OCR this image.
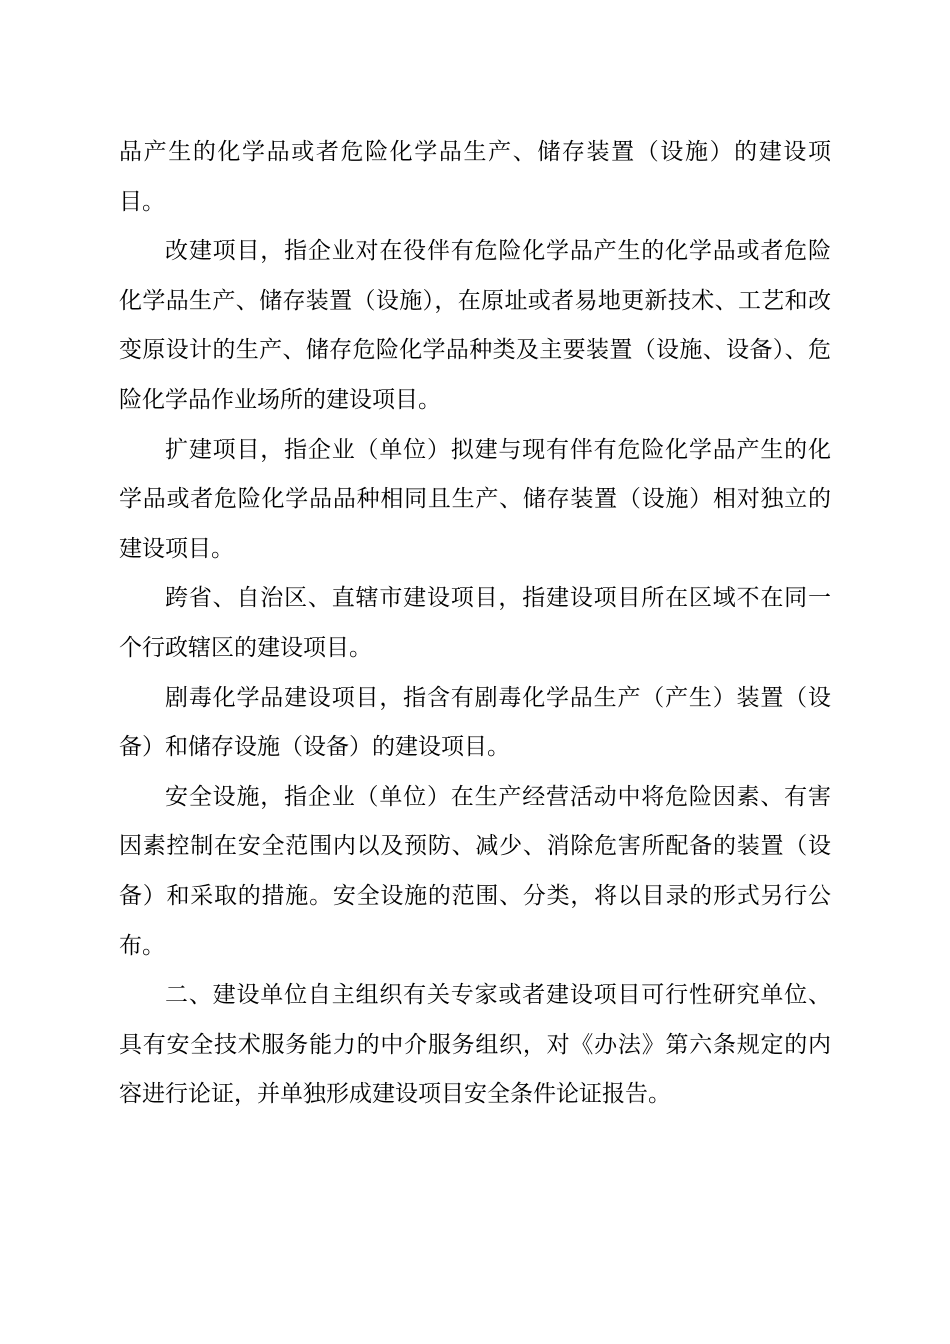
品产生的化学品或者危险化学品生产、储存装置（设施）的建设项目。

改建项目，指企业对在役伴有危险化学品产生的化学品或者危险化学品生产、储存装置（设施），在原址或者易地更新技术、工艺和改变原设计的生产、储存危险化学品种类及主要装置（设施、设备）、危险化学品作业场所的建设项目。

扩建项目，指企业（单位）拟建与现有伴有危险化学品产生的化学品或者危险化学品品种相同且生产、储存装置（设施）相对独立的建设项目。

跨省、自治区、直辖市建设项目，指建设项目所在区域不在同一个行政辖区的建设项目。

剧毒化学品建设项目，指含有剧毒化学品生产（产生）装置（设备）和储存设施（设备）的建设项目。

安全设施，指企业（单位）在生产经营活动中将危险因素、有害因素控制在安全范围内以及预防、减少、消除危害所配备的装置（设备）和采取的措施。安全设施的范围、分类，将以目录的形式另行公布。

二、建设单位自主组织有关专家或者建设项目可行性研究单位、具有安全技术服务能力的中介服务组织，对《办法》第六条规定的内容进行论证，并单独形成建设项目安全条件论证报告。
